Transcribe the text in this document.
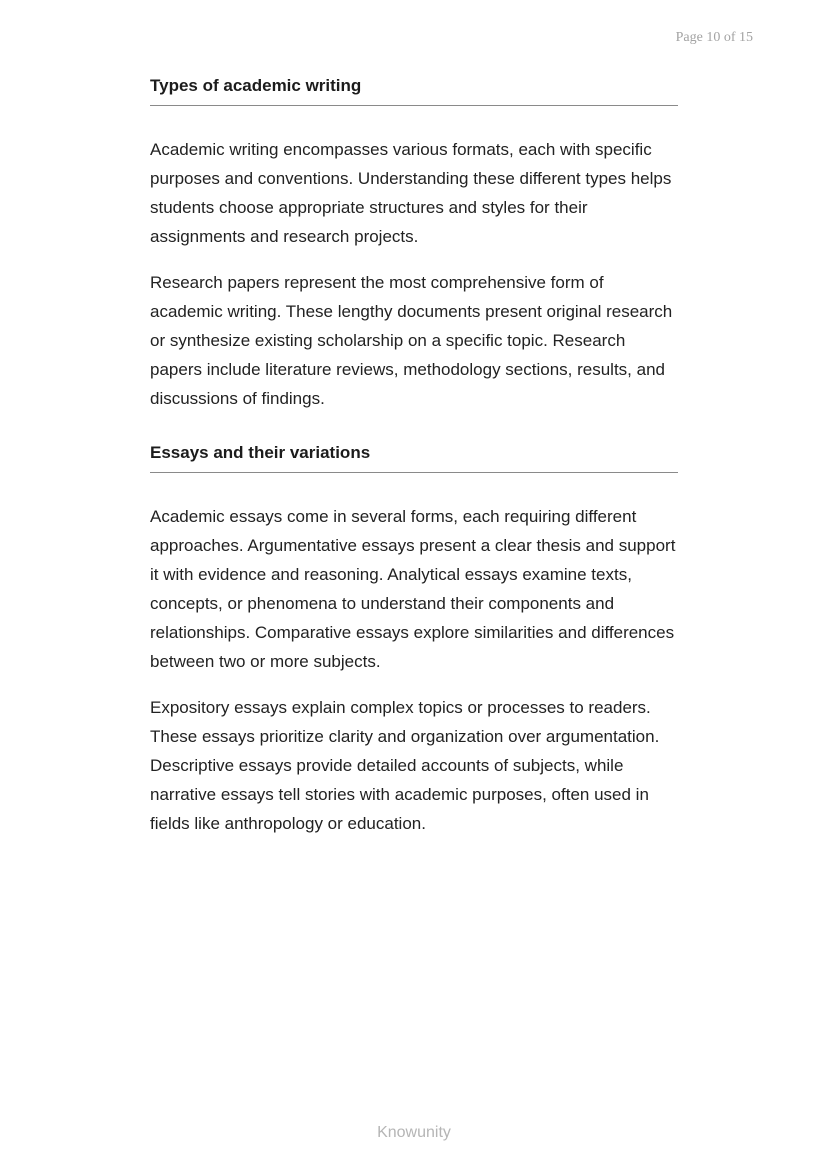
Page 10 of 15
Types of academic writing

Academic writing encompasses various formats, each with specific purposes and conventions. Understanding these different types helps students choose appropriate structures and styles for their assignments and research projects.

Research papers represent the most comprehensive form of academic writing. These lengthy documents present original research or synthesize existing scholarship on a specific topic. Research papers include literature reviews, methodology sections, results, and discussions of findings.

Essays and their variations

Academic essays come in several forms, each requiring different approaches. Argumentative essays present a clear thesis and support it with evidence and reasoning. Analytical essays examine texts, concepts, or phenomena to understand their components and relationships. Comparative essays explore similarities and differences between two or more subjects.

Expository essays explain complex topics or processes to readers. These essays prioritize clarity and organization over argumentation. Descriptive essays provide detailed accounts of subjects, while narrative essays tell stories with academic purposes, often used in fields like anthropology or education.

Knowunity
